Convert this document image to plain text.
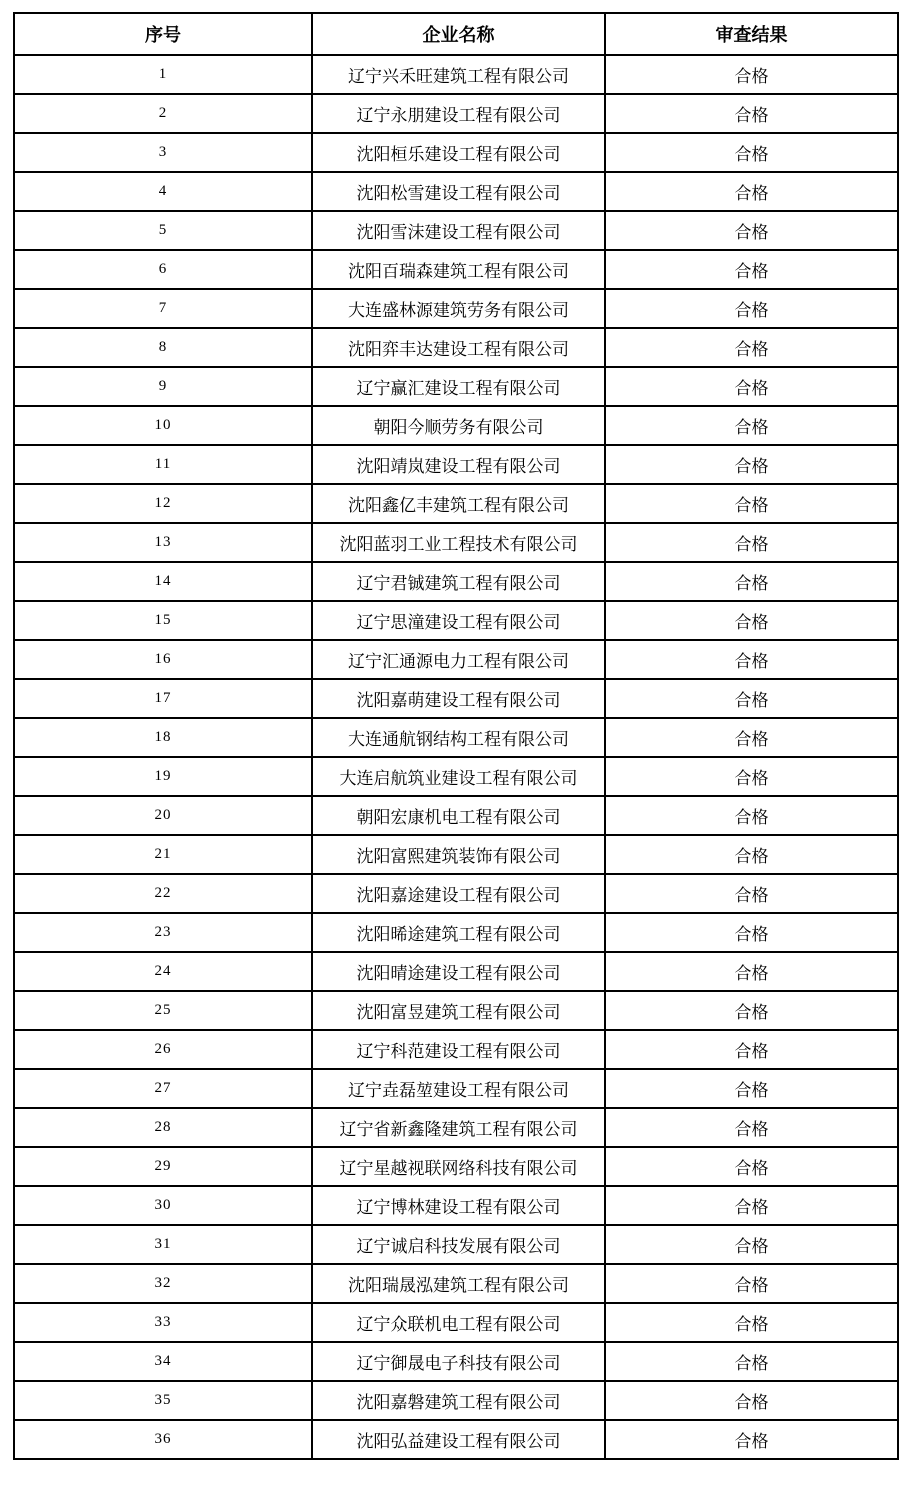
序号	企业名称	审查结果
1	辽宁兴禾旺建筑工程有限公司	合格
2	辽宁永朋建设工程有限公司	合格
3	沈阳桓乐建设工程有限公司	合格
4	沈阳松雪建设工程有限公司	合格
5	沈阳雪沫建设工程有限公司	合格
6	沈阳百瑞森建筑工程有限公司	合格
7	大连盛林源建筑劳务有限公司	合格
8	沈阳弈丰达建设工程有限公司	合格
9	辽宁赢汇建设工程有限公司	合格
10	朝阳今顺劳务有限公司	合格
11	沈阳靖岚建设工程有限公司	合格
12	沈阳鑫亿丰建筑工程有限公司	合格
13	沈阳蓝羽工业工程技术有限公司	合格
14	辽宁君铖建筑工程有限公司	合格
15	辽宁思潼建设工程有限公司	合格
16	辽宁汇通源电力工程有限公司	合格
17	沈阳嘉萌建设工程有限公司	合格
18	大连通航钢结构工程有限公司	合格
19	大连启航筑业建设工程有限公司	合格
20	朝阳宏康机电工程有限公司	合格
21	沈阳富熙建筑装饰有限公司	合格
22	沈阳嘉途建设工程有限公司	合格
23	沈阳晞途建筑工程有限公司	合格
24	沈阳晴途建设工程有限公司	合格
25	沈阳富昱建筑工程有限公司	合格
26	辽宁科范建设工程有限公司	合格
27	辽宁垚磊堃建设工程有限公司	合格
28	辽宁省新鑫隆建筑工程有限公司	合格
29	辽宁星越视联网络科技有限公司	合格
30	辽宁博林建设工程有限公司	合格
31	辽宁诚启科技发展有限公司	合格
32	沈阳瑞晟泓建筑工程有限公司	合格
33	辽宁众联机电工程有限公司	合格
34	辽宁御晟电子科技有限公司	合格
35	沈阳嘉磐建筑工程有限公司	合格
36	沈阳弘益建设工程有限公司	合格
